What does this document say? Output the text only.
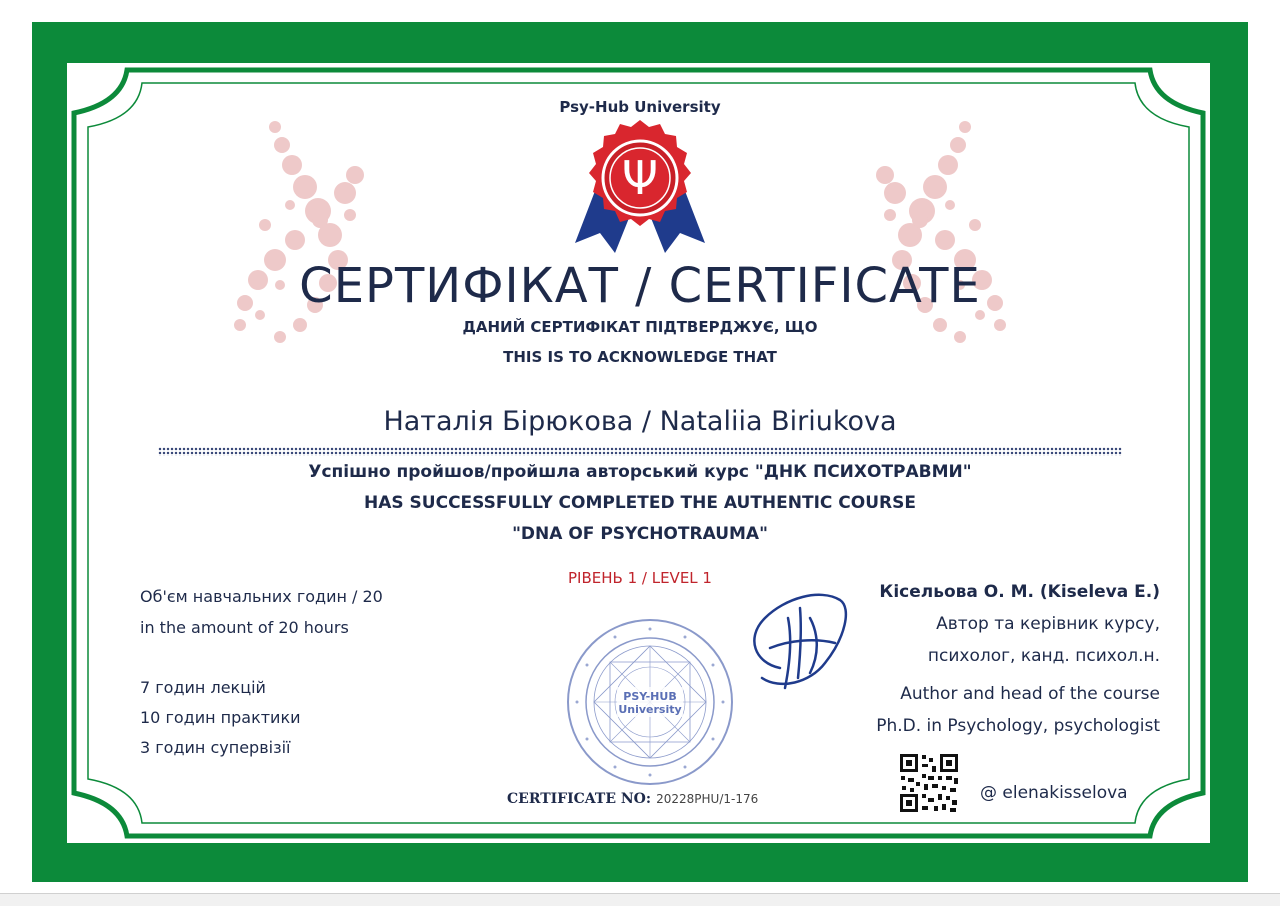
Psy-Hub University
Ψ
СЕРТИФІКАТ / CERTIFICATE
ДАНИЙ СЕРТИФІКАТ ПІДТВЕРДЖУЄ, ЩО
THIS IS TO ACKNOWLEDGE THAT
Наталія Бірюкова / Nataliia Biriukova
Успішно пройшов/пройшла авторський курс "ДНК ПСИХОТРАВМИ"
HAS SUCCESSFULLY COMPLETED THE AUTHENTIC COURSE
"DNA OF PSYCHOTRAUMA"
РІВЕНЬ 1 / LEVEL 1
Об'єм навчальних годин / 20
in the amount of 20 hours
7 годин лекцій
10 годин практики
3 годин супервізії
PSY-HUB
University
Кісельова О. М. (Kiseleva E.)
Автор та керівник курсу,
психолог, канд. психол.н.
Author and head of the course
Ph.D. in Psychology, psychologist
CERTIFICATE NO: 20228PHU/1-176	@ elenakisselova
